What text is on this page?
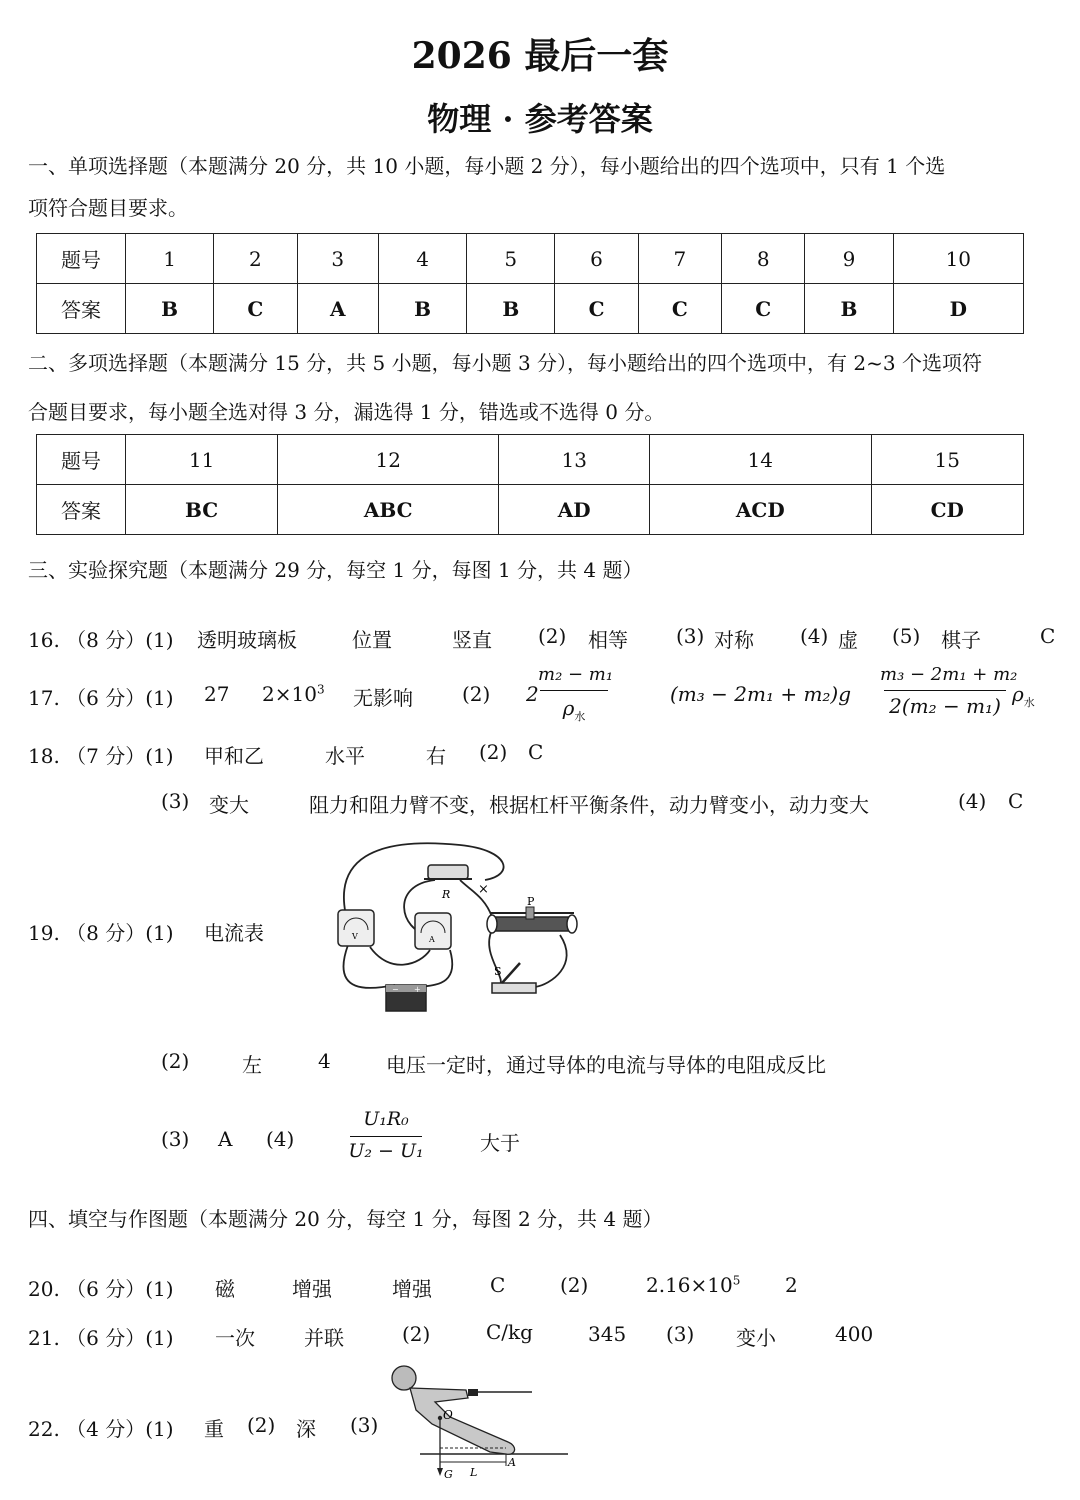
2026 最后一套
物理 · 参考答案
一、单项选择题（本题满分 20 分，共 10 小题，每小题 2 分），每小题给出的四个选项中，只有 1 个选
项符合题目要求。
题号	1	2	3	4	5	6	7	8	9	10
答案	B	C	A	B	B	C	C	C	B	D
二、多项选择题（本题满分 15 分，共 5 小题，每小题 3 分），每小题给出的四个选项中，有 2~3 个选项符
合题目要求，每小题全选对得 3 分，漏选得 1 分，错选或不选得 0 分。
题号	11	12	13	14	15
答案	BC	ABC	AD	ACD	CD
三、实验探究题（本题满分 29 分，每空 1 分，每图 1 分，共 4 题）
16. （8 分）(1) 透明玻璃板	位置	竖直 (2) 相等 (3) 对称 (4) 虚 (5) 棋子	C
17. （6 分）(1) 27 $2\times 10^3$ 无影响 (2) 2
m₂ − m₁
$\rho_水$
(m₃ − 2m₁ + m₂)g
m₃ − 2m₁ + m₂
2(m₂ − m₁) $\rho_水$
18. （7 分）(1) 甲和乙	水平	右 (2) C
(3) 变大	阻力和阻力臂不变，根据杠杆平衡条件，动力臂变小，动力变大	(4) C
19. （8 分）(1) 电流表
R ×
V	A
P
S
− +
(2)	左	4	电压一定时，通过导体的电流与导体的电阻成反比
(3) A (4)
U₁R₀
U₂ − U₁	大于
四、填空与作图题（本题满分 20 分，每空 1 分，每图 2 分，共 4 题）
20. （6 分）(1) 磁	增强	增强	C	(2)	$2.16\times 10^5$ 2
21. （6 分）(1) 一次 并联	(2)	C/kg	345 (3) 变小	400
22. （4 分）(1) 重 (2) 深 (3)	O
G L
A
